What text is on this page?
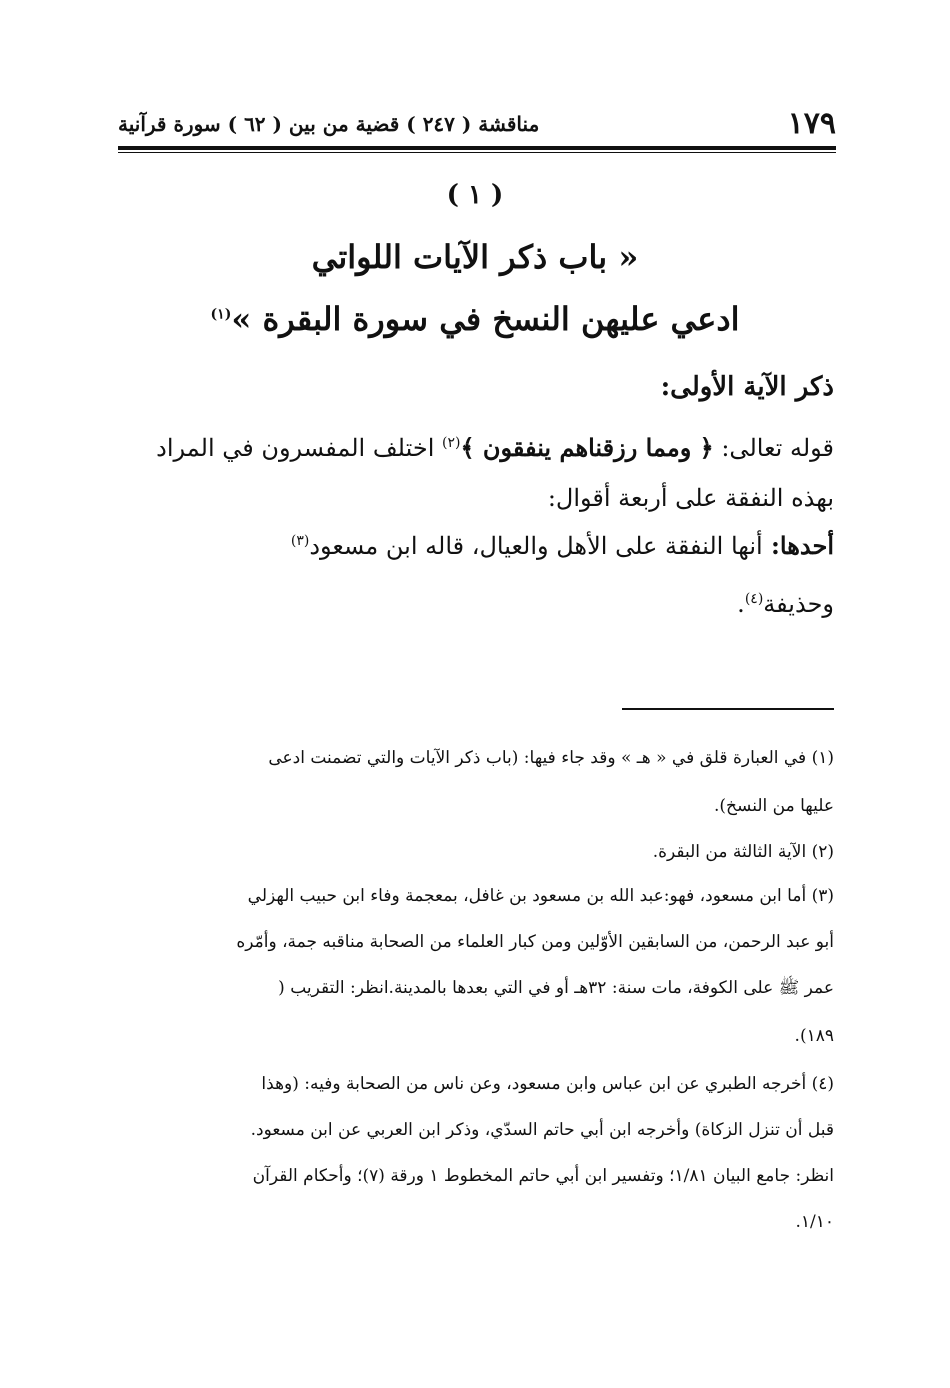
١٧٩
مناقشة ( ٢٤٧ ) قضية من بين ( ٦٢ ) سورة قرآنية
( ١ )
« باب ذكر الآيات اللواتي
ادعي عليهن النسخ في سورة البقرة »$^{(١)}$
ذكر الآية الأولى:
قوله تعالى: ﴿ ومما رزقناهم ينفقون ﴾$^{(٢)}$ اختلف المفسرون في المراد
بهذه النفقة على أربعة أقوال:
أحدها: أنها النفقة على الأهل والعيال، قاله ابن مسعود$^{(٣)}$
وحذيفة$^{(٤)}$.
(١) في العبارة قلق في « هـ » وقد جاء فيها: (باب ذكر الآيات والتي تضمنت ادعى
عليها من النسخ).
(٢) الآية الثالثة من البقرة.
(٣) أما ابن مسعود، فهو:عبد الله بن مسعود بن غافل، بمعجمة وفاء ابن حبيب الهزلي
أبو عبد الرحمن، من السابقين الأوّلين ومن كبار العلماء من الصحابة مناقبه جمة، وأمّره
عمر ﷺ على الكوفة، مات سنة: ٣٢هـ أو في التي بعدها بالمدينة.انظر: التقريب (
١٨٩).
(٤) أخرجه الطبري عن ابن عباس وابن مسعود، وعن ناس من الصحابة وفيه: (وهذا
قبل أن تنزل الزكاة) وأخرجه ابن أبي حاتم السدّي، وذكر ابن العربي عن ابن مسعود.
انظر: جامع البيان ١/٨١؛ وتفسير ابن أبي حاتم المخطوط ١ ورقة (٧)؛ وأحكام القرآن
١/١٠.
